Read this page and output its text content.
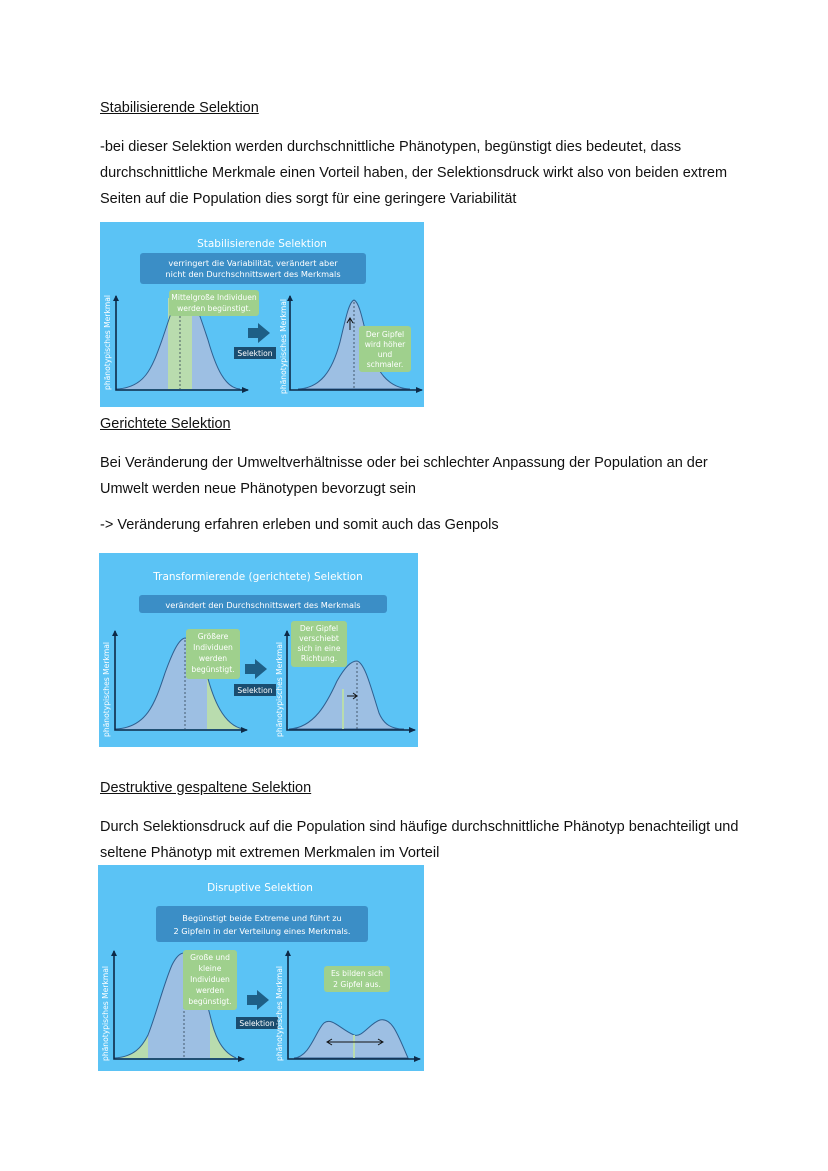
Stabilisierende Selektion

-bei dieser Selektion werden durchschnittliche Phänotypen, begünstigt dies bedeutet, dass durchschnittliche Merkmale einen Vorteil haben, der Selektionsdruck wirkt also von beiden extrem Seiten auf die Population dies sorgt für eine geringere Variabilität

Stabilisierende Selektion
verringert die Variabilität, verändert aber
nicht den Durchschnittswert des Merkmals
phänotypisches Merkmal	Mittelgroße Individuen
werden begünstigt.
Selektion phänotypisches Merkmal	Der Gipfel
wird höher
und
schmaler.
Gerichtete Selektion

Bei Veränderung der Umweltverhältnisse oder bei schlechter Anpassung der Population an der Umwelt werden neue Phänotypen bevorzugt sein

-> Veränderung erfahren erleben und somit auch das Genpols

Transformierende (gerichtete) Selektion
verändert den Durchschnittswert des Merkmals
phänotypisches Merkmal
Größere
Individuen
werden
begünstigt.
Selektion phänotypisches Merkmal
Der Gipfel
verschiebt
sich in eine
Richtung.
Destruktive gespaltene Selektion

Durch Selektionsdruck auf die Population sind häufige durchschnittliche Phänotyp benachteiligt und seltene Phänotyp mit extremen Merkmalen im Vorteil

Disruptive Selektion
Begünstigt beide Extreme und führt zu
2 Gipfeln in der Verteilung eines Merkmals.
phänotypisches Merkmal
Große und
kleine
Individuen
werden
begünstigt.
Selektion phänotypisches Merkmal	Es bilden sich
2 Gipfel aus.
